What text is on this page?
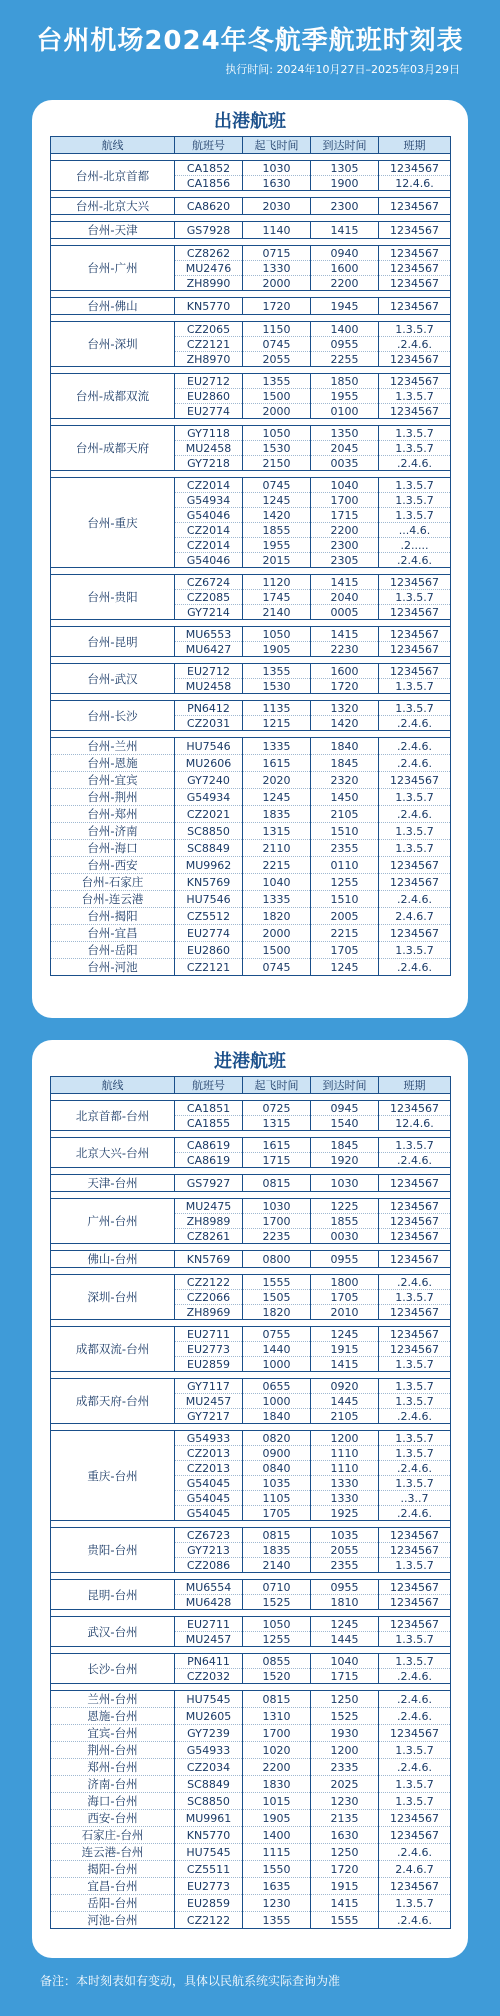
台州机场2024年冬航季航班时刻表
执行时间: 2024年10月27日–2025年03月29日
出港航班
航线	航班号	起飞时间	到达时间	班期

台州-北京首都	CA1852	1030	1305	1234567
	CA1856	1630	1900	12.4.6.

台州-北京大兴	CA8620	2030	2300	1234567

台州-天津	GS7928	1140	1415	1234567

台州-广州	CZ8262	0715	0940	1234567
	MU2476	1330	1600	1234567
	ZH8990	2000	2200	1234567

台州-佛山	KN5770	1720	1945	1234567

台州-深圳	CZ2065	1150	1400	1.3.5.7
	CZ2121	0745	0955	.2.4.6.
	ZH8970	2055	2255	1234567

台州-成都双流	EU2712	1355	1850	1234567
	EU2860	1500	1955	1.3.5.7
	EU2774	2000	0100	1234567

台州-成都天府	GY7118	1050	1350	1.3.5.7
	MU2458	1530	2045	1.3.5.7
	GY7218	2150	0035	.2.4.6.

台州-重庆	CZ2014	0745	1040	1.3.5.7
	G54934	1245	1700	1.3.5.7
	G54046	1420	1715	1.3.5.7
	CZ2014	1855	2200	...4.6.
	CZ2014	1955	2300	.2.....
	G54046	2015	2305	.2.4.6.

台州-贵阳	CZ6724	1120	1415	1234567
	CZ2085	1745	2040	1.3.5.7
	GY7214	2140	0005	1234567

台州-昆明	MU6553	1050	1415	1234567
	MU6427	1905	2230	1234567

台州-武汉	EU2712	1355	1600	1234567
	MU2458	1530	1720	1.3.5.7

台州-长沙	PN6412	1135	1320	1.3.5.7
	CZ2031	1215	1420	.2.4.6.

台州-兰州	HU7546	1335	1840	.2.4.6.
台州-恩施	MU2606	1615	1845	.2.4.6.
台州-宜宾	GY7240	2020	2320	1234567
台州-荆州	G54934	1245	1450	1.3.5.7
台州-郑州	CZ2021	1835	2105	.2.4.6.
台州-济南	SC8850	1315	1510	1.3.5.7
台州-海口	SC8849	2110	2355	1.3.5.7
台州-西安	MU9962	2215	0110	1234567
台州-石家庄	KN5769	1040	1255	1234567
台州-连云港	HU7546	1335	1510	.2.4.6.
台州-揭阳	CZ5512	1820	2005	2.4.6.7
台州-宜昌	EU2774	2000	2215	1234567
台州-岳阳	EU2860	1500	1705	1.3.5.7
台州-河池	CZ2121	0745	1245	.2.4.6.
进港航班
航线	航班号	起飞时间	到达时间	班期

北京首都-台州	CA1851	0725	0945	1234567
	CA1855	1315	1540	12.4.6.

北京大兴-台州	CA8619	1615	1845	1.3.5.7
	CA8619	1715	1920	.2.4.6.

天津-台州	GS7927	0815	1030	1234567

广州-台州	MU2475	1030	1225	1234567
	ZH8989	1700	1855	1234567
	CZ8261	2235	0030	1234567

佛山-台州	KN5769	0800	0955	1234567

深圳-台州	CZ2122	1555	1800	.2.4.6.
	CZ2066	1505	1705	1.3.5.7
	ZH8969	1820	2010	1234567

成都双流-台州	EU2711	0755	1245	1234567
	EU2773	1440	1915	1234567
	EU2859	1000	1415	1.3.5.7

成都天府-台州	GY7117	0655	0920	1.3.5.7
	MU2457	1000	1445	1.3.5.7
	GY7217	1840	2105	.2.4.6.

重庆-台州	G54933	0820	1200	1.3.5.7
	CZ2013	0900	1110	1.3.5.7
	CZ2013	0840	1110	.2.4.6.
	G54045	1035	1330	1.3.5.7
	G54045	1105	1330	..3..7
	G54045	1705	1925	.2.4.6.

贵阳-台州	CZ6723	0815	1035	1234567
	GY7213	1835	2055	1234567
	CZ2086	2140	2355	1.3.5.7

昆明-台州	MU6554	0710	0955	1234567
	MU6428	1525	1810	1234567

武汉-台州	EU2711	1050	1245	1234567
	MU2457	1255	1445	1.3.5.7

长沙-台州	PN6411	0855	1040	1.3.5.7
	CZ2032	1520	1715	.2.4.6.

兰州-台州	HU7545	0815	1250	.2.4.6.
恩施-台州	MU2605	1310	1525	.2.4.6.
宜宾-台州	GY7239	1700	1930	1234567
荆州-台州	G54933	1020	1200	1.3.5.7
郑州-台州	CZ2034	2200	2335	.2.4.6.
济南-台州	SC8849	1830	2025	1.3.5.7
海口-台州	SC8850	1015	1230	1.3.5.7
西安-台州	MU9961	1905	2135	1234567
石家庄-台州	KN5770	1400	1630	1234567
连云港-台州	HU7545	1115	1250	.2.4.6.
揭阳-台州	CZ5511	1550	1720	2.4.6.7
宜昌-台州	EU2773	1635	1915	1234567
岳阳-台州	EU2859	1230	1415	1.3.5.7
河池-台州	CZ2122	1355	1555	.2.4.6.
备注：本时刻表如有变动，具体以民航系统实际查询为准
